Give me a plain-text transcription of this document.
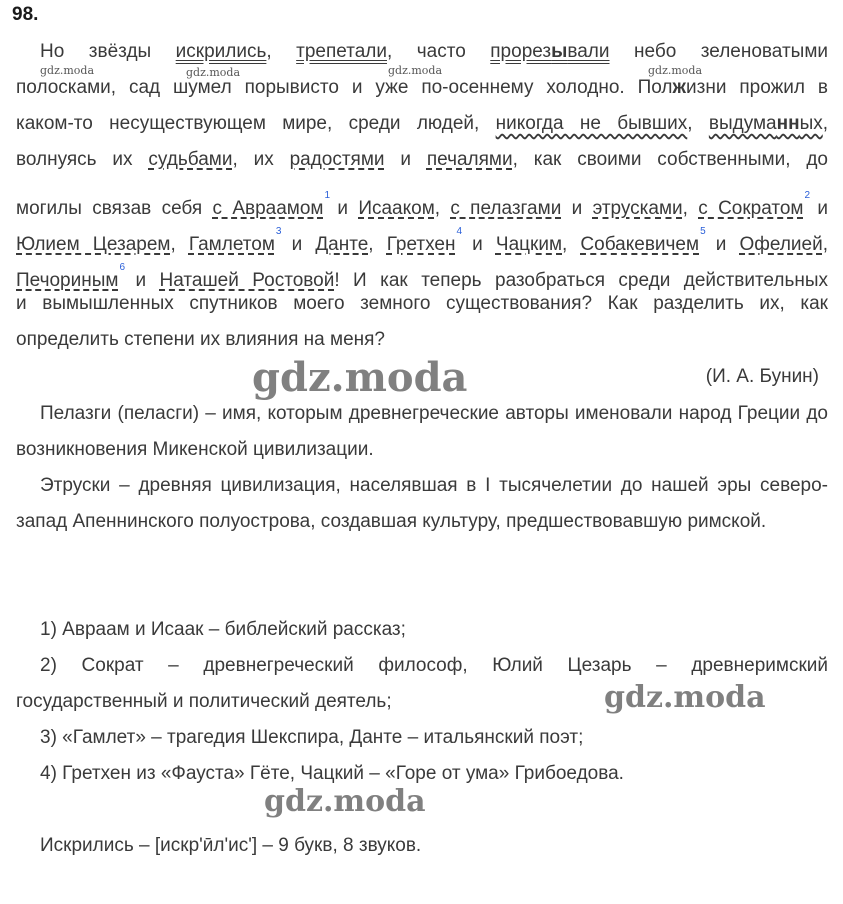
98.
Но звёзды искрились, трепетали, часто прорезывали небо зеленоватыми
полосками, сад шумел порывисто и уже по-осеннему холодно. Полжизни прожил в
каком-то несуществующем мире, среди людей, никогда не бывших, выдуманных,
волнуясь их судьбами, их радостями и печалями, как своими собственными, до
могилы связав себя с Авраамом$^1$ и Исааком, с пелазгами и этрусками, с Сократом$^2$ и
Юлием Цезарем, Гамлетом$^3$ и Данте, Гретхен$^4$ и Чацким, Собакевичем$^5$ и Офелией,
Печориным$^6$ и Наташей Ростовой! И как теперь разобраться среди действительных
и вымышленных спутников моего земного существования? Как разделить их, как
определить степени их влияния на меня?
(И. А. Бунин)
Пелазги (пеласги) – имя, которым древнегреческие авторы именовали народ Греции до возникновения Микенской цивилизации.
Этруски – древняя цивилизация, населявшая в I тысячелетии до нашей эры северо-запад Апеннинского полуострова, создавшая культуру, предшествовавшую римской.
1) Авраам и Исаак – библейский рассказ;
2) Сократ – древнегреческий философ, Юлий Цезарь – древнеримский государственный и политический деятель;
3) «Гамлет» – трагедия Шекспира, Данте – итальянский поэт;
4) Гретхен из «Фауста» Гёте, Чацкий – «Горе от ума» Грибоедова.
Искрились – [искр'ӣл'ис'] – 9 букв, 8 звуков.
gdz.moda	gdz.moda	gdz.moda	gdz.moda
gdz.moda
gdz.moda
gdz.moda
